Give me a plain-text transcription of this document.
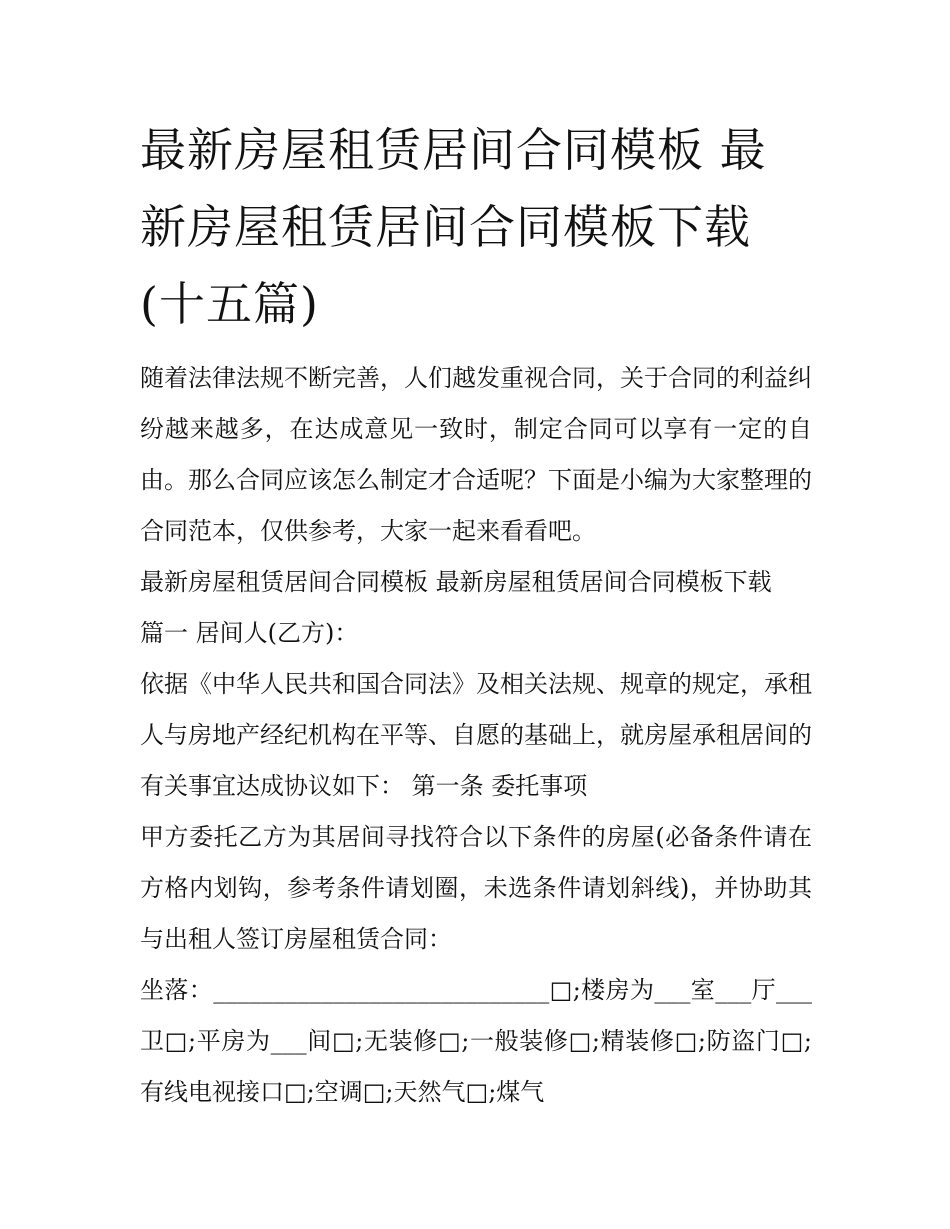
最新房屋租赁居间合同模板 最新房屋租赁居间合同模板下载(十五篇)

随着法律法规不断完善，人们越发重视合同，关于合同的利益纠纷越来越多，在达成意见一致时，制定合同可以享有一定的自由。那么合同应该怎么制定才合适呢？下面是小编为大家整理的合同范本，仅供参考，大家一起来看看吧。

最新房屋租赁居间合同模板 最新房屋租赁居间合同模板下载

篇一 居间人(乙方)：

依据《中华人民共和国合同法》及相关法规、规章的规定，承租人与房地产经纪机构在平等、自愿的基础上，就房屋承租居间的有关事宜达成协议如下： 第一条 委托事项

甲方委托乙方为其居间寻找符合以下条件的房屋(必备条件请在方格内划钩，参考条件请划圈，未选条件请划斜线)，并协助其与出租人签订房屋租赁合同：

坐落：____________________________□;楼房为___室___厅___卫□;平房为___间□;无装修□;一般装修□;精装修□;防盗门□;有线电视接口□;空调□;天然气□;煤气
